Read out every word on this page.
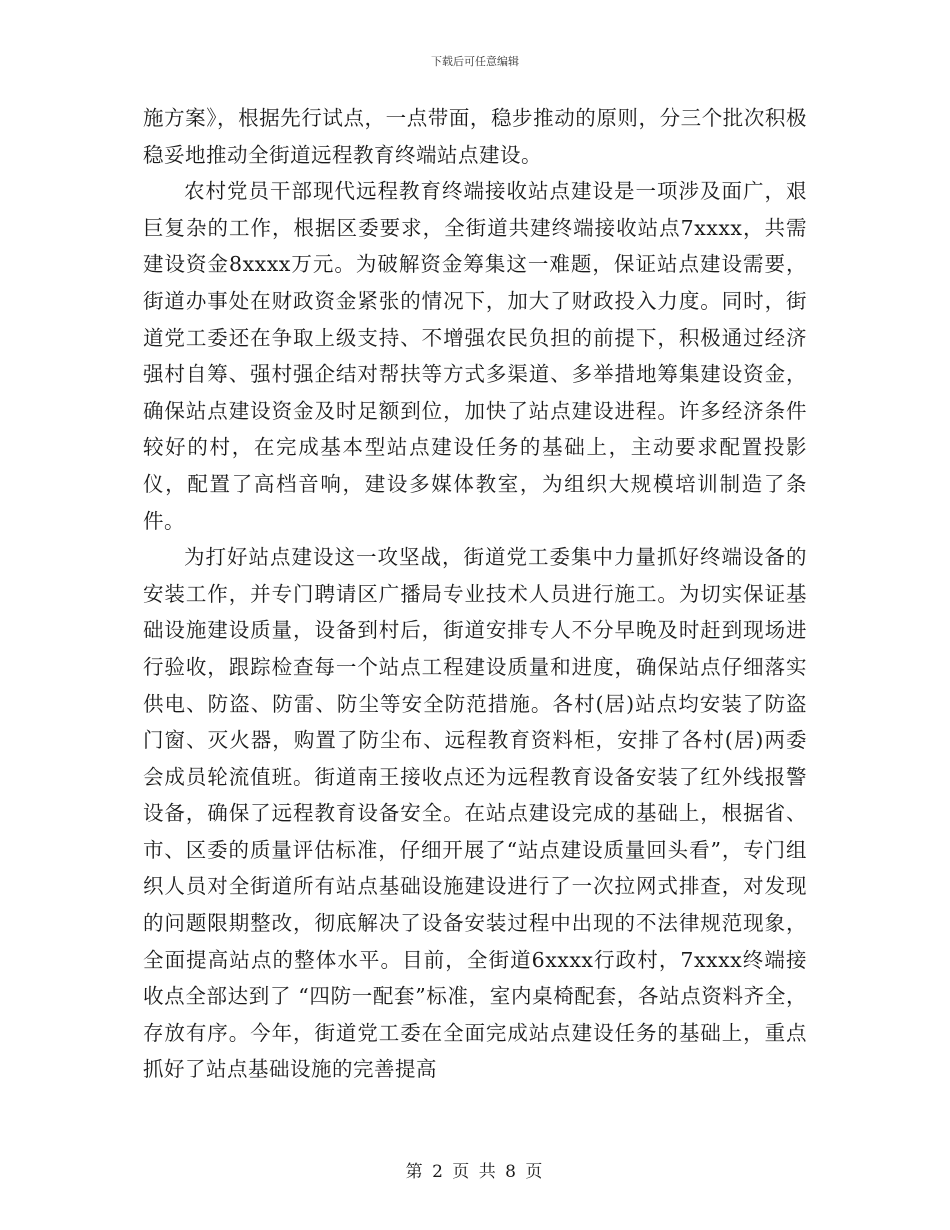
下载后可任意编辑

施方案》，根据先行试点，一点带面，稳步推动的原则，分三个批次积极稳妥地推动全街道远程教育终端站点建设。

农村党员干部现代远程教育终端接收站点建设是一项涉及面广，艰巨复杂的工作，根据区委要求，全街道共建终端接收站点7xxxx，共需建设资金8xxxx万元。为破解资金筹集这一难题，保证站点建设需要，街道办事处在财政资金紧张的情况下，加大了财政投入力度。同时，街道党工委还在争取上级支持、不增强农民负担的前提下，积极通过经济强村自筹、强村强企结对帮扶等方式多渠道、多举措地筹集建设资金，确保站点建设资金及时足额到位，加快了站点建设进程。许多经济条件较好的村，在完成基本型站点建设任务的基础上，主动要求配置投影仪，配置了高档音响，建设多媒体教室，为组织大规模培训制造了条件。

为打好站点建设这一攻坚战，街道党工委集中力量抓好终端设备的安装工作，并专门聘请区广播局专业技术人员进行施工。为切实保证基础设施建设质量，设备到村后，街道安排专人不分早晚及时赶到现场进行验收，跟踪检查每一个站点工程建设质量和进度，确保站点仔细落实供电、防盗、防雷、防尘等安全防范措施。各村(居)站点均安装了防盗门窗、灭火器，购置了防尘布、远程教育资料柜，安排了各村(居)两委会成员轮流值班。街道南王接收点还为远程教育设备安装了红外线报警设备，确保了远程教育设备安全。在站点建设完成的基础上，根据省、市、区委的质量评估标准，仔细开展了“站点建设质量回头看”，专门组织人员对全街道所有站点基础设施建设进行了一次拉网式排查，对发现的问题限期整改，彻底解决了设备安装过程中出现的不法律规范现象，全面提高站点的整体水平。目前，全街道6xxxx行政村，7xxxx终端接收点全部达到了 “四防一配套”标准，室内桌椅配套，各站点资料齐全，存放有序。今年，街道党工委在全面完成站点建设任务的基础上，重点抓好了站点基础设施的完善提高

第 2 页 共 8 页
